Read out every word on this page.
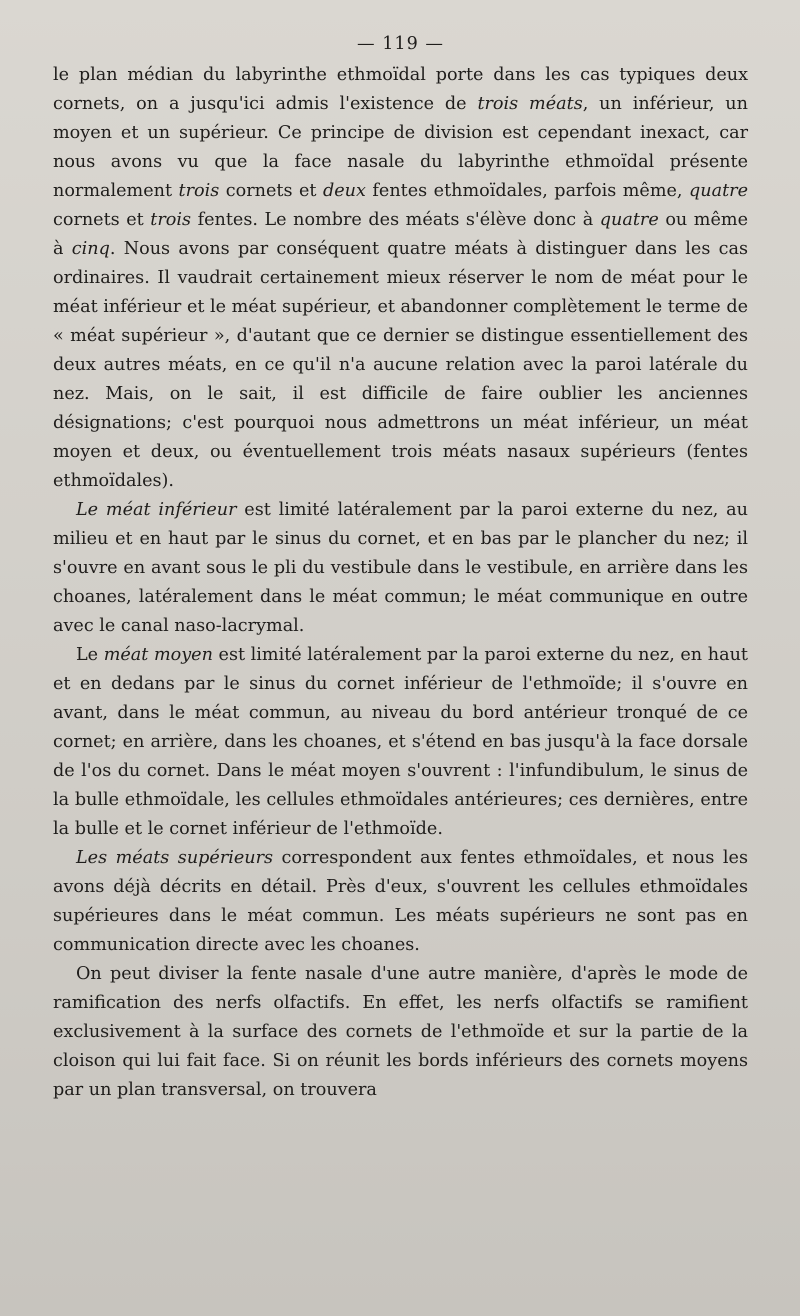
— 119 —

le plan médian du labyrinthe ethmoïdal porte dans les cas typiques deux cornets, on a jusqu'ici admis l'existence de trois méats, un inférieur, un moyen et un supérieur. Ce principe de division est cependant inexact, car nous avons vu que la face nasale du labyrinthe ethmoïdal présente normalement trois cornets et deux fentes ethmoïdales, parfois même, quatre cornets et trois fentes. Le nombre des méats s'élève donc à quatre ou même à cinq. Nous avons par conséquent quatre méats à distinguer dans les cas ordinaires. Il vaudrait certainement mieux réserver le nom de méat pour le méat inférieur et le méat supérieur, et abandonner complètement le terme de « méat supérieur », d'autant que ce dernier se distingue essentiellement des deux autres méats, en ce qu'il n'a aucune relation avec la paroi latérale du nez. Mais, on le sait, il est difficile de faire oublier les anciennes désignations; c'est pourquoi nous admettrons un méat inférieur, un méat moyen et deux, ou éventuellement trois méats nasaux supérieurs (fentes ethmoïdales).

Le méat inférieur est limité latéralement par la paroi externe du nez, au milieu et en haut par le sinus du cornet, et en bas par le plancher du nez; il s'ouvre en avant sous le pli du vestibule dans le vestibule, en arrière dans les choanes, latéralement dans le méat commun; le méat communique en outre avec le canal naso-lacrymal.

Le méat moyen est limité latéralement par la paroi externe du nez, en haut et en dedans par le sinus du cornet inférieur de l'ethmoïde; il s'ouvre en avant, dans le méat commun, au niveau du bord antérieur tronqué de ce cornet; en arrière, dans les choanes, et s'étend en bas jusqu'à la face dorsale de l'os du cornet. Dans le méat moyen s'ouvrent : l'infundibulum, le sinus de la bulle ethmoïdale, les cellules ethmoïdales antérieures; ces dernières, entre la bulle et le cornet inférieur de l'ethmoïde.

Les méats supérieurs correspondent aux fentes ethmoïdales, et nous les avons déjà décrits en détail. Près d'eux, s'ouvrent les cellules ethmoïdales supérieures dans le méat commun. Les méats supérieurs ne sont pas en communication directe avec les choanes.

On peut diviser la fente nasale d'une autre manière, d'après le mode de ramification des nerfs olfactifs. En effet, les nerfs olfactifs se ramifient exclusivement à la surface des cornets de l'ethmoïde et sur la partie de la cloison qui lui fait face. Si on réunit les bords inférieurs des cornets moyens par un plan transversal, on trouvera
